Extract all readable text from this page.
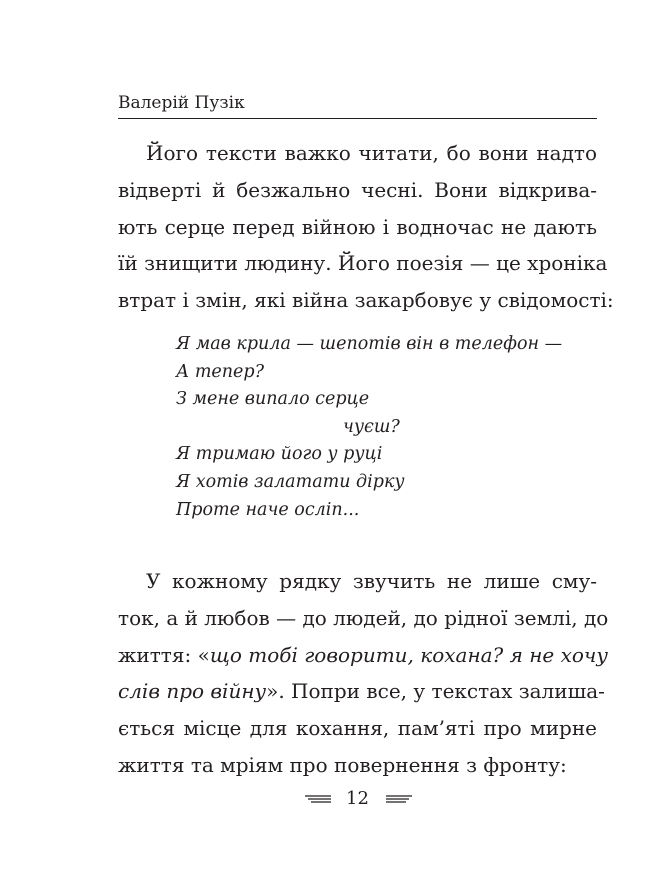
Валерій Пузік
Його тексти важко читати, бо вони надто
відверті й безжально чесні. Вони відкрива-
ють серце перед війною і водночас не дають
їй знищити людину. Його поезія — це хроніка
втрат і змін, які війна закарбовує у свідомості:
Я мав крила — шепотів він в телефон —
А тепер?
З мене випало серце
чуєш?
Я тримаю його у руці
Я хотів залатати дірку
Проте наче осліп...
У кожному рядку звучить не лише сму-
ток, а й любов — до людей, до рідної землі, до
життя: «що тобі говорити, кохана? я не хочу
слів про війну». Попри все, у текстах залиша-
ється місце для кохання, пам’яті про мирне
життя та мріям про повернення з фронту:
12
